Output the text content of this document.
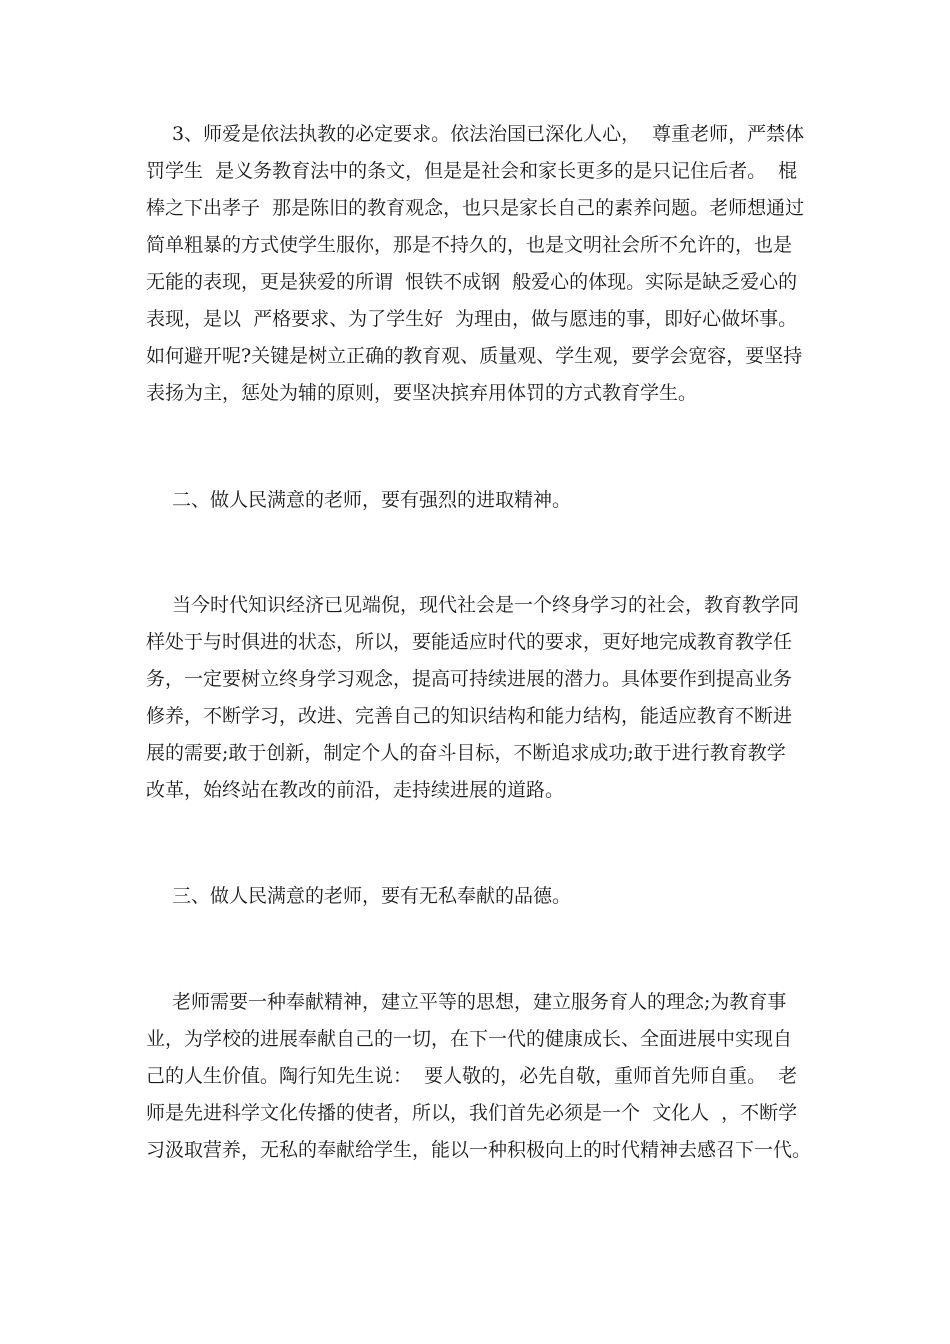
3、师爱是依法执教的必定要求。依法治国已深化人心，  尊重老师，严禁体
罚学生  是义务教育法中的条文，但是是社会和家长更多的是只记住后者。  棍
棒之下出孝子  那是陈旧的教育观念，也只是家长自己的素养问题。老师想通过
简单粗暴的方式使学生服你，那是不持久的，也是文明社会所不允许的，也是
无能的表现，更是狭爱的所谓  恨铁不成钢  般爱心的体现。实际是缺乏爱心的
表现，是以  严格要求、为了学生好  为理由，做与愿违的事，即好心做坏事。
如何避开呢?关键是树立正确的教育观、质量观、学生观，要学会宽容，要坚持
表扬为主，惩处为辅的原则，要坚决摈弃用体罚的方式教育学生。
二、做人民满意的老师，要有强烈的进取精神。
当今时代知识经济已见端倪，现代社会是一个终身学习的社会，教育教学同
样处于与时俱进的状态，所以，要能适应时代的要求，更好地完成教育教学任
务，一定要树立终身学习观念，提高可持续进展的潜力。具体要作到提高业务
修养，不断学习，改进、完善自己的知识结构和能力结构，能适应教育不断进
展的需要;敢于创新，制定个人的奋斗目标，不断追求成功;敢于进行教育教学
改革，始终站在教改的前沿，走持续进展的道路。
三、做人民满意的老师，要有无私奉献的品德。
老师需要一种奉献精神，建立平等的思想，建立服务育人的理念;为教育事
业，为学校的进展奉献自己的一切，在下一代的健康成长、全面进展中实现自
己的人生价值。陶行知先生说：  要人敬的，必先自敬，重师首先师自重。  老
师是先进科学文化传播的使者，所以，我们首先必须是一个  文化人  ，不断学
习汲取营养，无私的奉献给学生，能以一种积极向上的时代精神去感召下一代。
